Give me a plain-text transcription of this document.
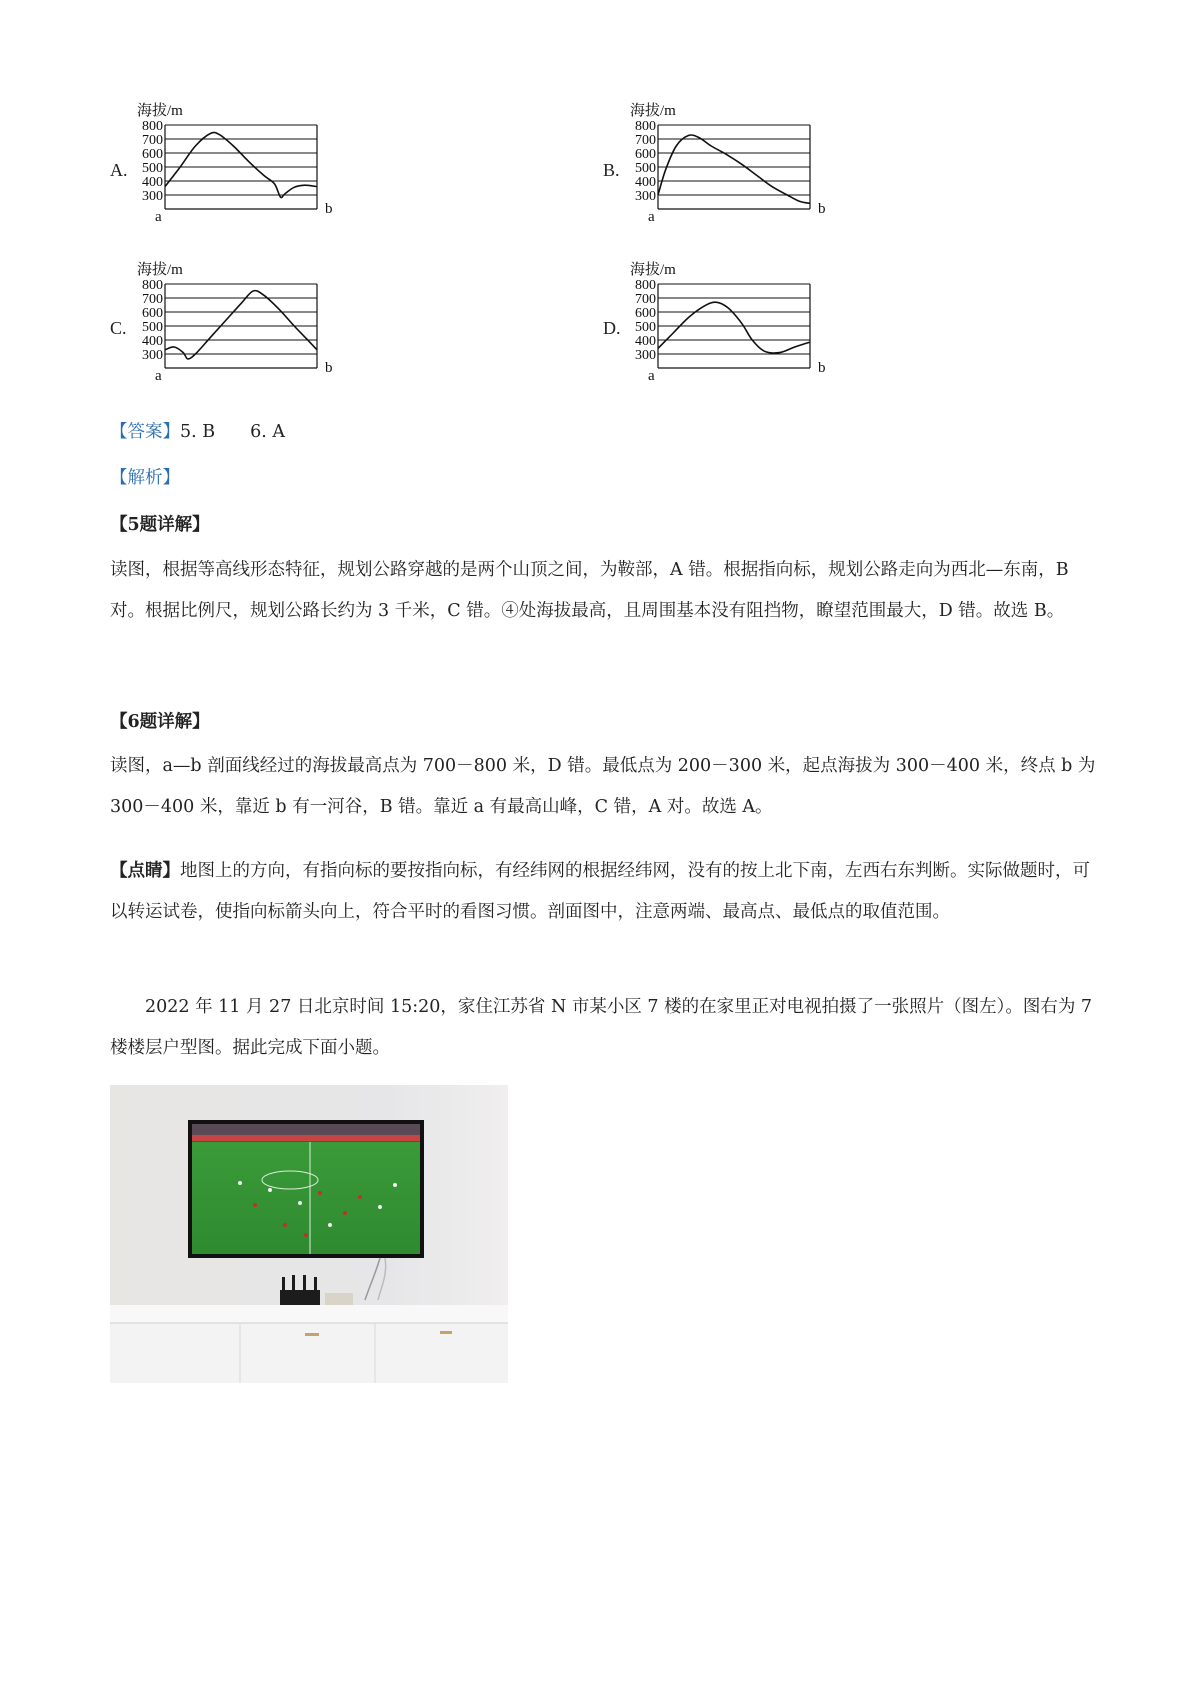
A.
海拔/m
800
700
600
500
400
300
a	b
B.
海拔/m
800
700
600
500
400
300
a	b
C.
海拔/m
800
700
600
500
400
300
a	b
D.
海拔/m
800
700
600
500
400
300
a	b
【答案】5. B　　6. A
【解析】
【5题详解】
读图，根据等高线形态特征，规划公路穿越的是两个山顶之间，为鞍部，A 错。根据指向标，规划公路走向为西北—东南，B 对。根据比例尺，规划公路长约为 3 千米，C 错。④处海拔最高，且周围基本没有阻挡物，瞭望范围最大，D 错。故选 B。
【6题详解】
读图，a—b 剖面线经过的海拔最高点为 700－800 米，D 错。最低点为 200－300 米，起点海拔为 300－400 米，终点 b 为 300－400 米，靠近 b 有一河谷，B 错。靠近 a 有最高山峰，C 错，A 对。故选 A。
【点睛】地图上的方向，有指向标的要按指向标，有经纬网的根据经纬网，没有的按上北下南，左西右东判断。实际做题时，可以转运试卷，使指向标箭头向上，符合平时的看图习惯。剖面图中，注意两端、最高点、最低点的取值范围。
2022 年 11 月 27 日北京时间 15:20，家住江苏省 N 市某小区 7 楼的在家里正对电视拍摄了一张照片（图左）。图右为 7 楼楼层户型图。据此完成下面小题。
